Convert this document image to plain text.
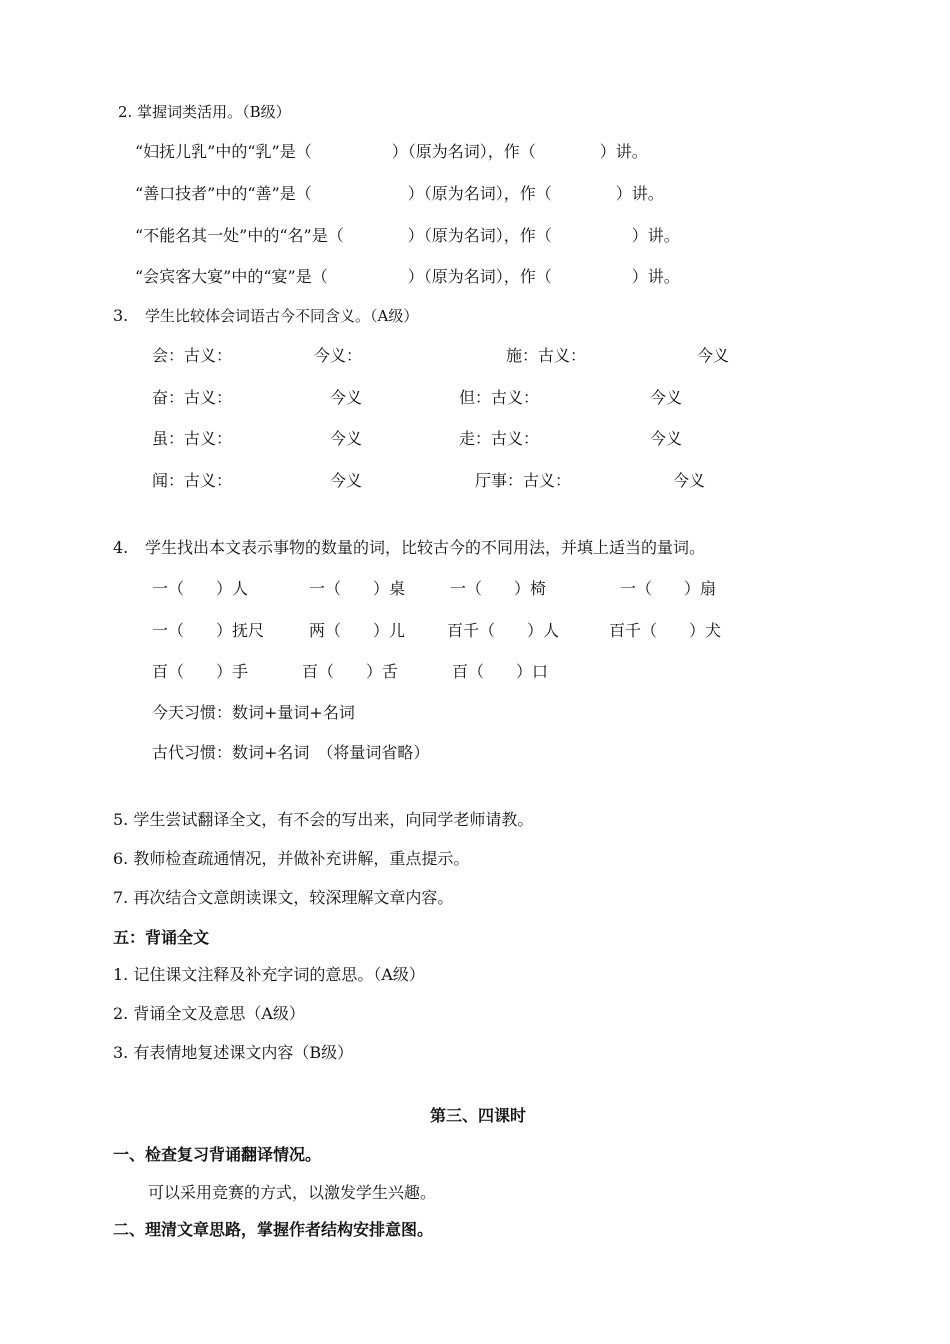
2. 掌握词类活用。（B级）
“妇抚儿乳”中的“乳”是（　　　　　）（原为名词），作（　　　　）讲。
“善口技者”中的“善”是（　　　　　　）（原为名词），作（　　　　）讲。
“不能名其一处”中的“名”是（　　　　）（原为名词），作（　　　　　）讲。
“会宾客大宴”中的“宴”是（　　　　　）（原为名词），作（　　　　　）讲。
3. 学生比较体会词语古今不同含义。（A级）
会：古义：	今义：	施：古义：	今义
奋：古义：	今义	但：古义：	今义
虽：古义：	今义	走：古义：	今义
闻：古义：	今义	厅事：古义：	今义
4. 学生找出本文表示事物的数量的词，比较古今的不同用法，并填上适当的量词。
一（　　）人	一（　　）桌	一（　　）椅	一（　　）扇
一（　　）抚尺	两（　　）儿	百千（　　）人	百千（　　）犬
百（　　）手	百（　　）舌	百（　　）口
今天习惯：数词+量词+名词
古代习惯：数词+名词　（将量词省略）
5. 学生尝试翻译全文，有不会的写出来，向同学老师请教。
6. 教师检查疏通情况，并做补充讲解，重点提示。
7. 再次结合文意朗读课文，较深理解文章内容。
五：背诵全文
1. 记住课文注释及补充字词的意思。（A级）
2. 背诵全文及意思（A级）
3. 有表情地复述课文内容（B级）
第三、四课时
一、检查复习背诵翻译情况。
可以采用竞赛的方式，以激发学生兴趣。
二、理清文章思路，掌握作者结构安排意图。
